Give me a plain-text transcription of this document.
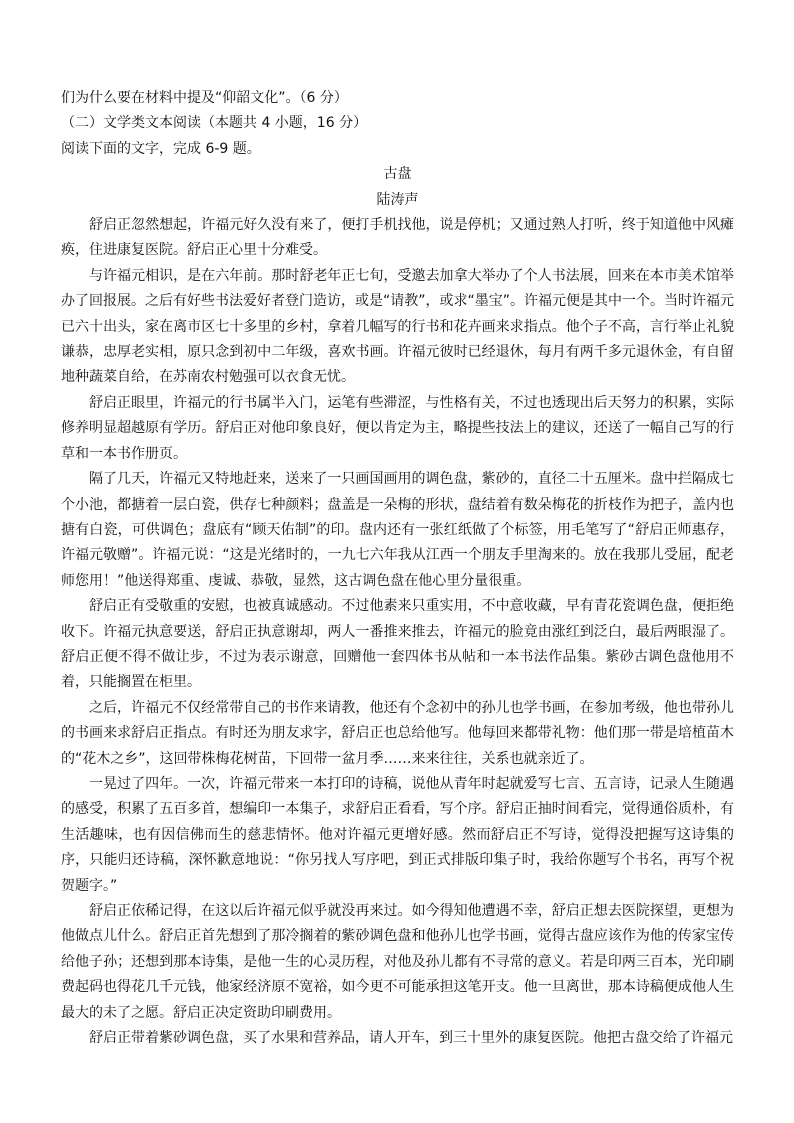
们为什么要在材料中提及“仰韶文化”。（6 分）

（二）文学类文本阅读（本题共 4 小题，16 分）

阅读下面的文字，完成 6-9 题。

古盘

陆涛声

舒启正忽然想起，许福元好久没有来了，便打手机找他，说是停机；又通过熟人打听，终于知道他中风瘫痪，住进康复医院。舒启正心里十分难受。

与许福元相识，是在六年前。那时舒老年正七旬，受邀去加拿大举办了个人书法展，回来在本市美术馆举办了回报展。之后有好些书法爱好者登门造访，或是“请教”，或求“墨宝”。许福元便是其中一个。当时许福元已六十出头，家在离市区七十多里的乡村，拿着几幅写的行书和花卉画来求指点。他个子不高，言行举止礼貌谦恭，忠厚老实相，原只念到初中二年级，喜欢书画。许福元彼时已经退休，每月有两千多元退休金，有自留地种蔬菜自给，在苏南农村勉强可以衣食无忧。

舒启正眼里，许福元的行书属半入门，运笔有些滞涩，与性格有关，不过也透现出后天努力的积累，实际修养明显超越原有学历。舒启正对他印象良好，便以肯定为主，略提些技法上的建议，还送了一幅自己写的行草和一本书作册页。

隔了几天，许福元又特地赶来，送来了一只画国画用的调色盘，紫砂的，直径二十五厘米。盘中拦隔成七个小池，都搪着一层白瓷，供存七种颜料；盘盖是一朵梅的形状，盘结着有数朵梅花的折枝作为把子，盖内也搪有白瓷，可供调色；盘底有“顾天佑制”的印。盘内还有一张红纸做了个标签，用毛笔写了“舒启正师惠存，许福元敬赠”。许福元说：“这是光绪时的，一九七六年我从江西一个朋友手里淘来的。放在我那儿受屈，配老师您用！”他送得郑重、虔诚、恭敬，显然，这古调色盘在他心里分量很重。

舒启正有受敬重的安慰，也被真诚感动。不过他素来只重实用，不中意收藏，早有青花瓷调色盘，便拒绝收下。许福元执意要送，舒启正执意谢却，两人一番推来推去，许福元的脸竟由涨红到泛白，最后两眼湿了。舒启正便不得不做让步，不过为表示谢意，回赠他一套四体书从帖和一本书法作品集。紫砂古调色盘他用不着，只能搁置在柜里。

之后，许福元不仅经常带自己的书作来请教，他还有个念初中的孙儿也学书画，在参加考级，他也带孙儿的书画来求舒启正指点。有时还为朋友求字，舒启正也总给他写。他每回来都带礼物：他们那一带是培植苗木的“花木之乡”，这回带株梅花树苗，下回带一盆月季……来来往往，关系也就亲近了。

一晃过了四年。一次，许福元带来一本打印的诗稿，说他从青年时起就爱写七言、五言诗，记录人生随遇的感受，积累了五百多首，想编印一本集子，求舒启正看看，写个序。舒启正抽时间看完，觉得通俗质朴，有生活趣味，也有因信佛而生的慈悲情怀。他对许福元更增好感。然而舒启正不写诗，觉得没把握写这诗集的序，只能归还诗稿，深怀歉意地说：“你另找人写序吧，到正式排版印集子时，我给你题写个书名，再写个祝贺题字。”

舒启正依稀记得，在这以后许福元似乎就没再来过。如今得知他遭遇不幸，舒启正想去医院探望，更想为他做点儿什么。舒启正首先想到了那冷搁着的紫砂调色盘和他孙儿也学书画，觉得古盘应该作为他的传家宝传给他子孙；还想到那本诗集，是他一生的心灵历程，对他及孙儿都有不寻常的意义。若是印两三百本，光印刷费起码也得花几千元钱，他家经济原不宽裕，如今更不可能承担这笔开支。他一旦离世，那本诗稿便成他人生最大的未了之愿。舒启正决定资助印刷费用。

舒启正带着紫砂调色盘，买了水果和营养品，请人开车，到三十里外的康复医院。他把古盘交给了许福元
